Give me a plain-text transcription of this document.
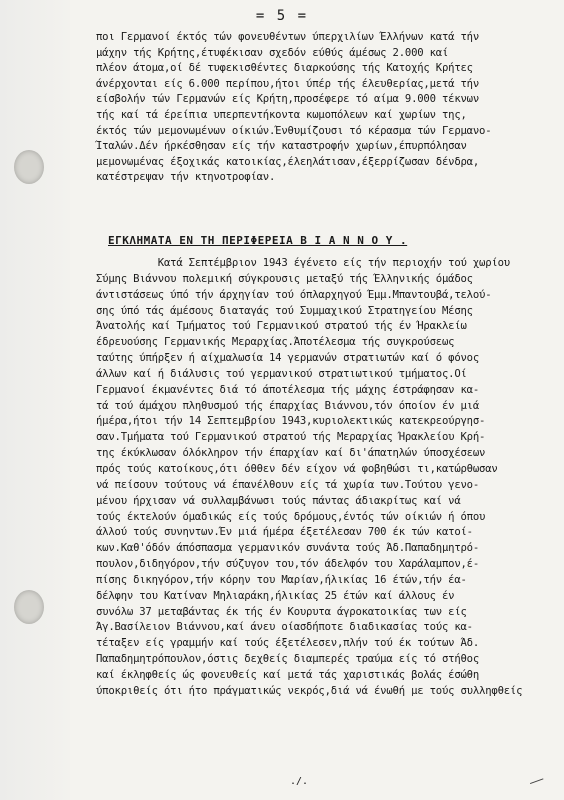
= 5 =
ποι Γερμανοί έκτός τών φονευθέντων ύπερχιλίων Έλλήνων κατά τήν
μάχην τής Κρήτης,έτυφέκισαν σχεδόν εύθύς άμέσως 2.000 καί
πλέον άτομα,οί δέ τυφεκισθέντες διαρκούσης τής Κατοχής Κρήτες
άνέρχονται είς 6.000 περίπου,ήτοι ύπέρ τής έλευθερίας,μετά τήν
είσβολήν τών Γερμανών είς Κρήτη,προσέφερε τό αίμα 9.000 τέκνων
τής καί τά έρείπια υπερπεντήκοντα κωμοπόλεων καί χωρίων της,
έκτός τών μεμονωμένων οίκιών.Ένθυμίζουσι τό κέρασμα τών Γερμανο-
Ίταλών.Δέν ήρκέσθησαν είς τήν καταστροφήν χωρίων,έπυρπόλησαν
μεμονωμένας έξοχικάς κατοικίας,έλεηλάτισαν,έξερρίζωσαν δένδρα,
κατέστρεψαν τήν κτηνοτροφίαν.
ΕΓΚΛΗΜΑΤΑ ΕΝ ΤΗ ΠΕΡΙΦΕΡΕΙΑ Β Ι Α Ν Ν Ο Υ .
Κατά Σεπτέμβριον 1943 έγένετο είς τήν περιοχήν τού χωρίου
Σύμης Βιάννου πολεμική σύγκρουσις μεταξύ τής Έλληνικής όμάδος
άντιστάσεως ύπό τήν άρχηγίαν τού όπλαρχηγού Έμμ.Μπαντουβά,τελού-
σης ύπό τάς άμέσους διαταγάς τού Συμμαχικού Στρατηγείου Μέσης
Άνατολής καί Τμήματος τού Γερμανικού στρατού τής έν Ήρακλείω
έδρευούσης Γερμανικής Μεραρχίας.Άποτέλεσμα τής συγκρούσεως
ταύτης ύπήρξεν ή αίχμαλωσία 14 γερμανών στρατιωτών καί ό φόνος
άλλων καί ή διάλυσις τού γερμανικού στρατιωτικού τμήματος.Οί
Γερμανοί έκμανέντες διά τό άποτέλεσμα τής μάχης έστράφησαν κα-
τά τού άμάχου πληθυσμού τής έπαρχίας Βιάννου,τόν όποίον έν μιά
ήμέρα,ήτοι τήν 14 Σεπτεμβρίου 1943,κυριολεκτικώς κατεκρεούργησ-
σαν.Τμήματα τού Γερμανικού στρατού τής Μεραρχίας Ήρακλείου Κρή-
της έκύκλωσαν όλόκληρον τήν έπαρχίαν καί δι'άπατηλών ύποσχέσεων
πρός τούς κατοίκους,ότι όθθεν δέν είχον νά φοβηθώσι τι,κατώρθωσαν
νά πείσουν τούτους νά έπανέλθουν είς τά χωρία των.Τούτου γενο-
μένου ήρχισαν νά συλλαμβάνωσι τούς πάντας άδιακρίτως καί νά
τούς έκτελούν όμαδικώς είς τούς δρόμους,έντός τών οίκιών ή όπου
άλλού τούς συνηντων.Έν μιά ήμέρα έξετέλεσαν 700 έκ τών κατοί-
κων.Καθ'όδόν άπόσπασμα γερμανικόν συνάντα τούς Άδ.Παπαδημητρό-
πουλον,διδηγόρον,τήν σύζυγον του,τόν άδελφόν του Χαράλαμπον,έ-
πίσης δικηγόρον,τήν κόρην του Μαρίαν,ήλικίας 16 έτών,τήν έα-
δέλφην του Κατίναν Μηλιαράκη,ήλικίας 25 έτών καί άλλους έν
συνόλω 37 μεταβάντας έκ τής έν Κουρυτα άγροκατοικίας των είς
Άγ.Βασίλειον Βιάννου,καί άνευ οίασδήποτε διαδικασίας τούς κα-
τέταξεν είς γραμμήν καί τούς έξετέλεσεν,πλήν τού έκ τούτων Άδ.
Παπαδημητρόπουλον,όστις δεχθείς διαμπερές τραύμα είς τό στήθος
καί έκληφθείς ώς φονευθείς καί μετά τάς χαριστικάς βολάς έσώθη
ύποκριθείς ότι ήτο πράγματικώς νεκρός,διά νά ένωθή με τούς συλληφθείς
./.
